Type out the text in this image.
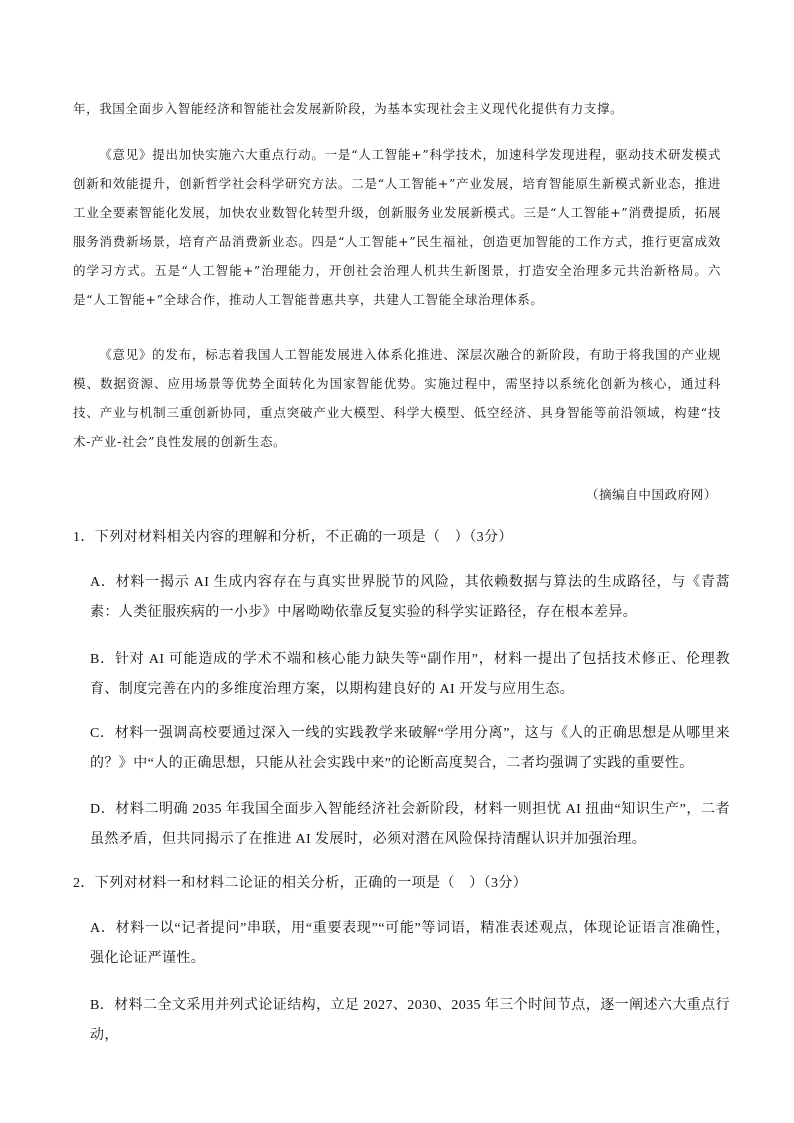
年，我国全面步入智能经济和智能社会发展新阶段，为基本实现社会主义现代化提供有力支撑。

《意见》提出加快实施六大重点行动。一是“人工智能+”科学技术，加速科学发现进程，驱动技术研发模式创新和效能提升，创新哲学社会科学研究方法。二是“人工智能+”产业发展，培育智能原生新模式新业态，推进工业全要素智能化发展，加快农业数智化转型升级，创新服务业发展新模式。三是“人工智能+”消费提质，拓展服务消费新场景，培育产品消费新业态。四是“人工智能+”民生福祉，创造更加智能的工作方式，推行更富成效的学习方式。五是“人工智能+”治理能力，开创社会治理人机共生新图景，打造安全治理多元共治新格局。六是“人工智能+”全球合作，推动人工智能普惠共享，共建人工智能全球治理体系。

《意见》的发布，标志着我国人工智能发展进入体系化推进、深层次融合的新阶段，有助于将我国的产业规模、数据资源、应用场景等优势全面转化为国家智能优势。实施过程中，需坚持以系统化创新为核心，通过科技、产业与机制三重创新协同，重点突破产业大模型、科学大模型、低空经济、具身智能等前沿领域，构建“技术-产业-社会”良性发展的创新生态。

（摘编自中国政府网）

1．下列对材料相关内容的理解和分析，不正确的一项是（　）（3分）

A．材料一揭示 AI 生成内容存在与真实世界脱节的风险，其依赖数据与算法的生成路径，与《青蒿素：人类征服疾病的一小步》中屠呦呦依靠反复实验的科学实证路径，存在根本差异。

B．针对 AI 可能造成的学术不端和核心能力缺失等“副作用”，材料一提出了包括技术修正、伦理教育、制度完善在内的多维度治理方案，以期构建良好的 AI 开发与应用生态。

C．材料一强调高校要通过深入一线的实践教学来破解“学用分离”，这与《人的正确思想是从哪里来的？》中“人的正确思想，只能从社会实践中来”的论断高度契合，二者均强调了实践的重要性。

D．材料二明确 2035 年我国全面步入智能经济社会新阶段，材料一则担忧 AI 扭曲“知识生产”，二者虽然矛盾，但共同揭示了在推进 AI 发展时，必须对潜在风险保持清醒认识并加强治理。

2．下列对材料一和材料二论证的相关分析，正确的一项是（　）（3分）

A．材料一以“记者提问”串联，用“重要表现”“可能”等词语，精准表述观点，体现论证语言准确性，强化论证严谨性。

B．材料二全文采用并列式论证结构，立足 2027、2030、2035 年三个时间节点，逐一阐述六大重点行动，
